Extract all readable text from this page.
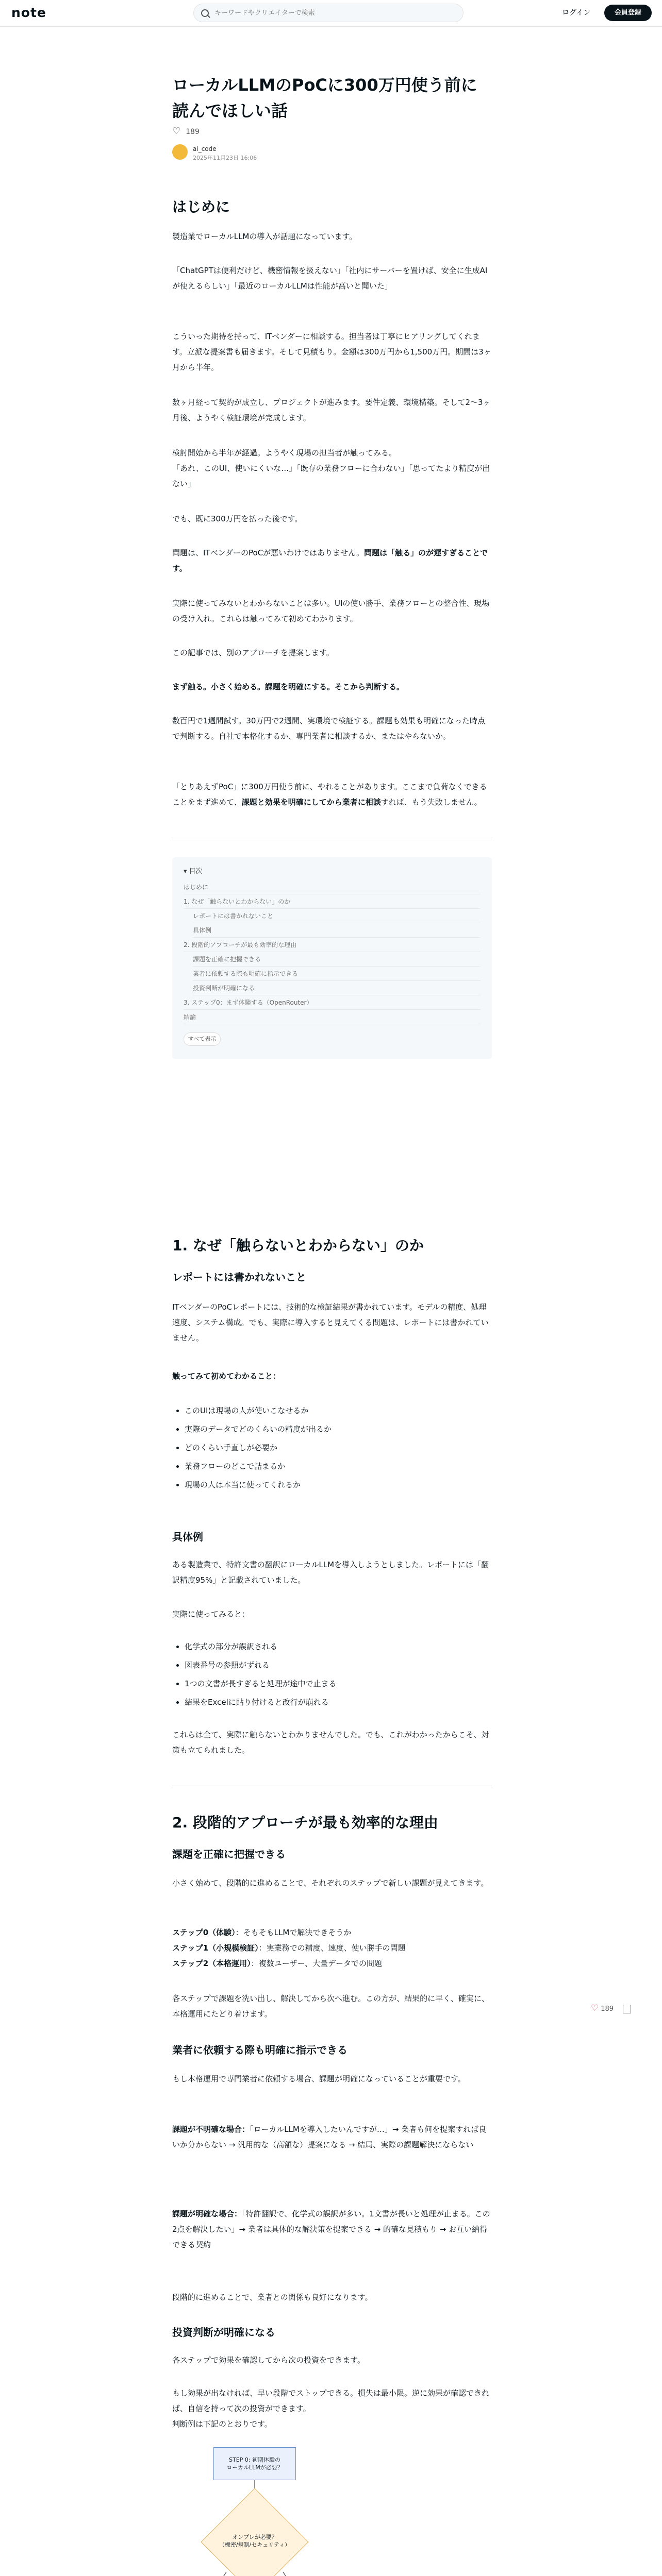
note
キーワードやクリエイターで検索	ログイン	会員登録
ローカルLLMのPoCに300万円使う前に読んでほしい話
♡ 189
ai_code
2025年11月23日 16:06
はじめに
製造業でローカルLLMの導入が話題になっています。
「ChatGPTは便利だけど、機密情報を扱えない」「社内にサーバーを置けば、安全に生成AIが使えるらしい」「最近のローカルLLMは性能が高いと聞いた」
こういった期待を持って、ITベンダーに相談する。担当者は丁寧にヒアリングしてくれます。立派な提案書も届きます。そして見積もり。金額は300万円から1,500万円。期間は3ヶ月から半年。
数ヶ月経って契約が成立し、プロジェクトが進みます。要件定義、環境構築。そして2〜3ヶ月後、ようやく検証環境が完成します。
検討開始から半年が経過。ようやく現場の担当者が触ってみる。
「あれ、このUI、使いにくいな…」「既存の業務フローに合わない」「思ってたより精度が出ない」
でも、既に300万円を払った後です。
問題は、ITベンダーのPoCが悪いわけではありません。問題は「触る」のが遅すぎることです。
実際に使ってみないとわからないことは多い。UIの使い勝手、業務フローとの整合性、現場の受け入れ。これらは触ってみて初めてわかります。
この記事では、別のアプローチを提案します。
まず触る。小さく始める。課題を明確にする。そこから判断する。
数百円で1週間試す。30万円で2週間、実環境で検証する。課題も効果も明確になった時点で判断する。自社で本格化するか、専門業者に相談するか、またはやらないか。
「とりあえずPoC」に300万円使う前に、やれることがあります。ここまで負荷なくできることをまず進めて、課題と効果を明確にしてから業者に相談すれば、もう失敗しません。
▾ 目次
はじめに
1. なぜ「触らないとわからない」のか
レポートには書かれないこと
具体例
2. 段階的アプローチが最も効率的な理由
課題を正確に把握できる
業者に依頼する際も明確に指示できる
投資判断が明確になる
3. ステップ0：まず体験する（OpenRouter）
結論
すべて表示
1. なぜ「触らないとわからない」のか
レポートには書かれないこと
ITベンダーのPoCレポートには、技術的な検証結果が書かれています。モデルの精度、処理速度、システム構成。でも、実際に導入すると見えてくる問題は、レポートには書かれていません。
触ってみて初めてわかること：
• このUIは現場の人が使いこなせるか
• 実際のデータでどのくらいの精度が出るか
• どのくらい手直しが必要か
• 業務フローのどこで詰まるか
• 現場の人は本当に使ってくれるか
具体例
ある製造業で、特許文書の翻訳にローカルLLMを導入しようとしました。レポートには「翻訳精度95%」と記載されていました。
実際に使ってみると：
• 化学式の部分が誤訳される
• 図表番号の参照がずれる
• 1つの文書が長すぎると処理が途中で止まる
• 結果をExcelに貼り付けると改行が崩れる
これらは全て、実際に触らないとわかりませんでした。でも、これがわかったからこそ、対策も立てられました。
2. 段階的アプローチが最も効率的な理由
課題を正確に把握できる
小さく始めて、段階的に進めることで、それぞれのステップで新しい課題が見えてきます。
ステップ0（体験）：そもそもLLMで解決できそうか
ステップ1（小規模検証）：実業務での精度、速度、使い勝手の問題
ステップ2（本格運用）：複数ユーザー、大量データでの問題
各ステップで課題を洗い出し、解決してから次へ進む。この方が、結果的に早く、確実に、本格運用にたどり着けます。
業者に依頼する際も明確に指示できる
もし本格運用で専門業者に依頼する場合、課題が明確になっていることが重要です。
課題が不明確な場合：「ローカルLLMを導入したいんですが…」→ 業者も何を提案すれば良いか分からない → 汎用的な（高額な）提案になる → 結局、実際の課題解決にならない
課題が明確な場合：「特許翻訳で、化学式の誤訳が多い。1文書が長いと処理が止まる。この2点を解決したい」→ 業者は具体的な解決策を提案できる → 的確な見積もり → お互い納得できる契約
段階的に進めることで、業者との関係も良好になります。
投資判断が明確になる
各ステップで効果を確認してから次の投資をできます。
もし効果が出なければ、早い段階でストップできる。損失は最小限。逆に効果が確認できれば、自信を持って次の投資ができます。
判断例は下記のとおりです。
STEP 0: 初期体験の
ローカルLLMが必要？
オンプレが必要？
（機密/規制/セキュリティ）
♡ 189
